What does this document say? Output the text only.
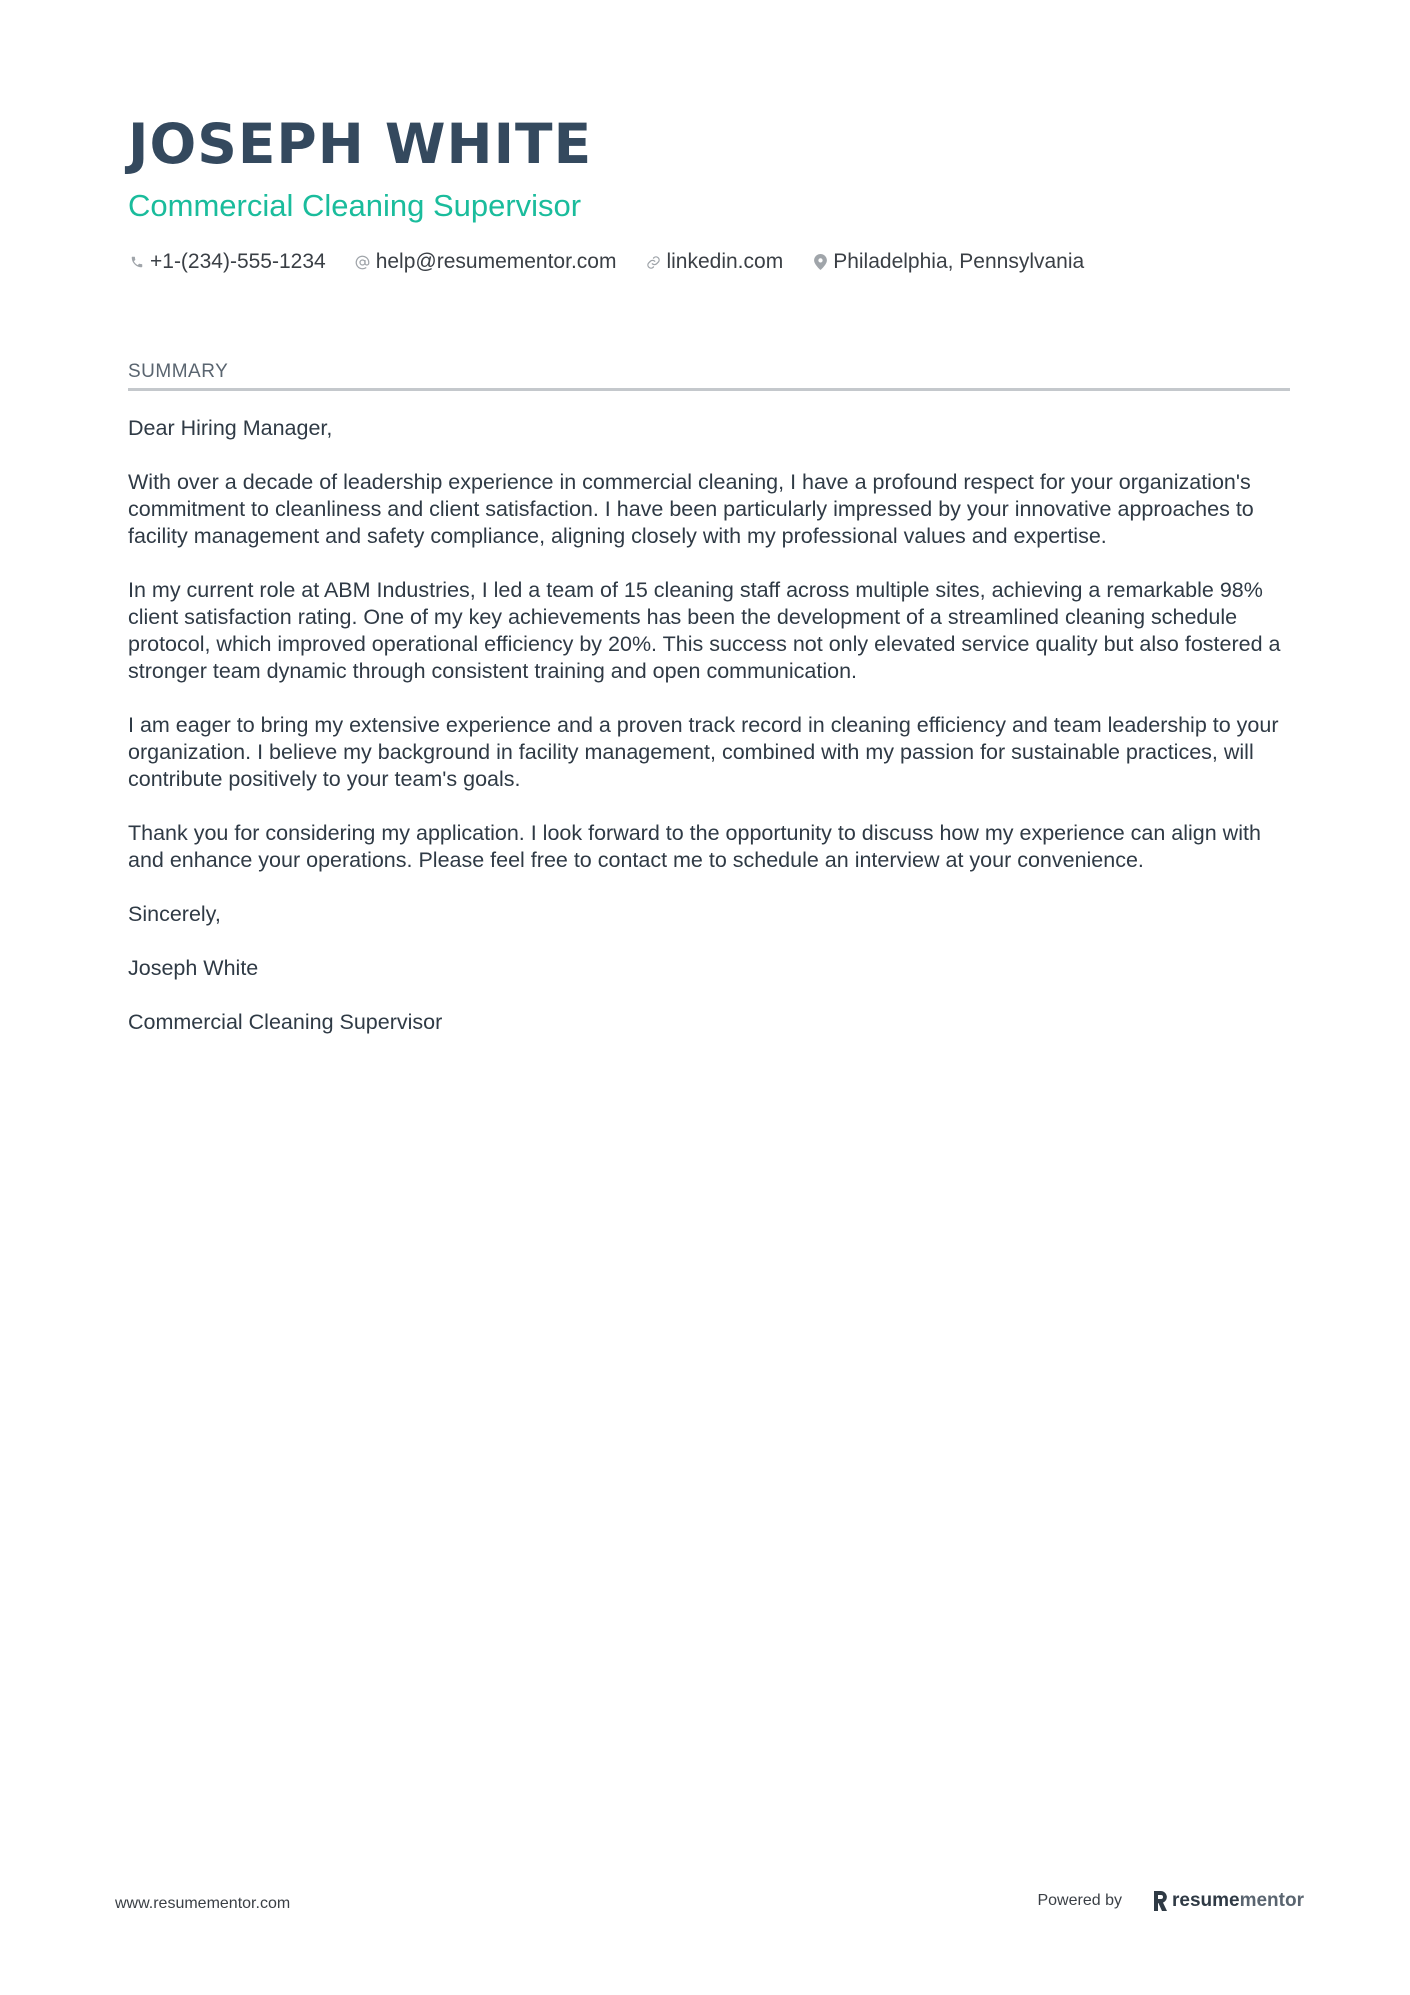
JOSEPH WHITE
Commercial Cleaning Supervisor
+1-(234)-555-1234 help@resumementor.com linkedin.com Philadelphia, Pennsylvania
SUMMARY

Dear Hiring Manager,

With over a decade of leadership experience in commercial cleaning, I have a profound respect for your organization's commitment to cleanliness and client satisfaction. I have been particularly impressed by your innovative approaches to facility management and safety compliance, aligning closely with my professional values and expertise.

In my current role at ABM Industries, I led a team of 15 cleaning staff across multiple sites, achieving a remarkable 98% client satisfaction rating. One of my key achievements has been the development of a streamlined cleaning schedule protocol, which improved operational efficiency by 20%. This success not only elevated service quality but also fostered a stronger team dynamic through consistent training and open communication.

I am eager to bring my extensive experience and a proven track record in cleaning efficiency and team leadership to your organization. I believe my background in facility management, combined with my passion for sustainable practices, will contribute positively to your team's goals.

Thank you for considering my application. I look forward to the opportunity to discuss how my experience can align with and enhance your operations. Please feel free to contact me to schedule an interview at your convenience.

Sincerely,

Joseph White

Commercial Cleaning Supervisor

www.resumementor.com	Powered by	resume mentor
